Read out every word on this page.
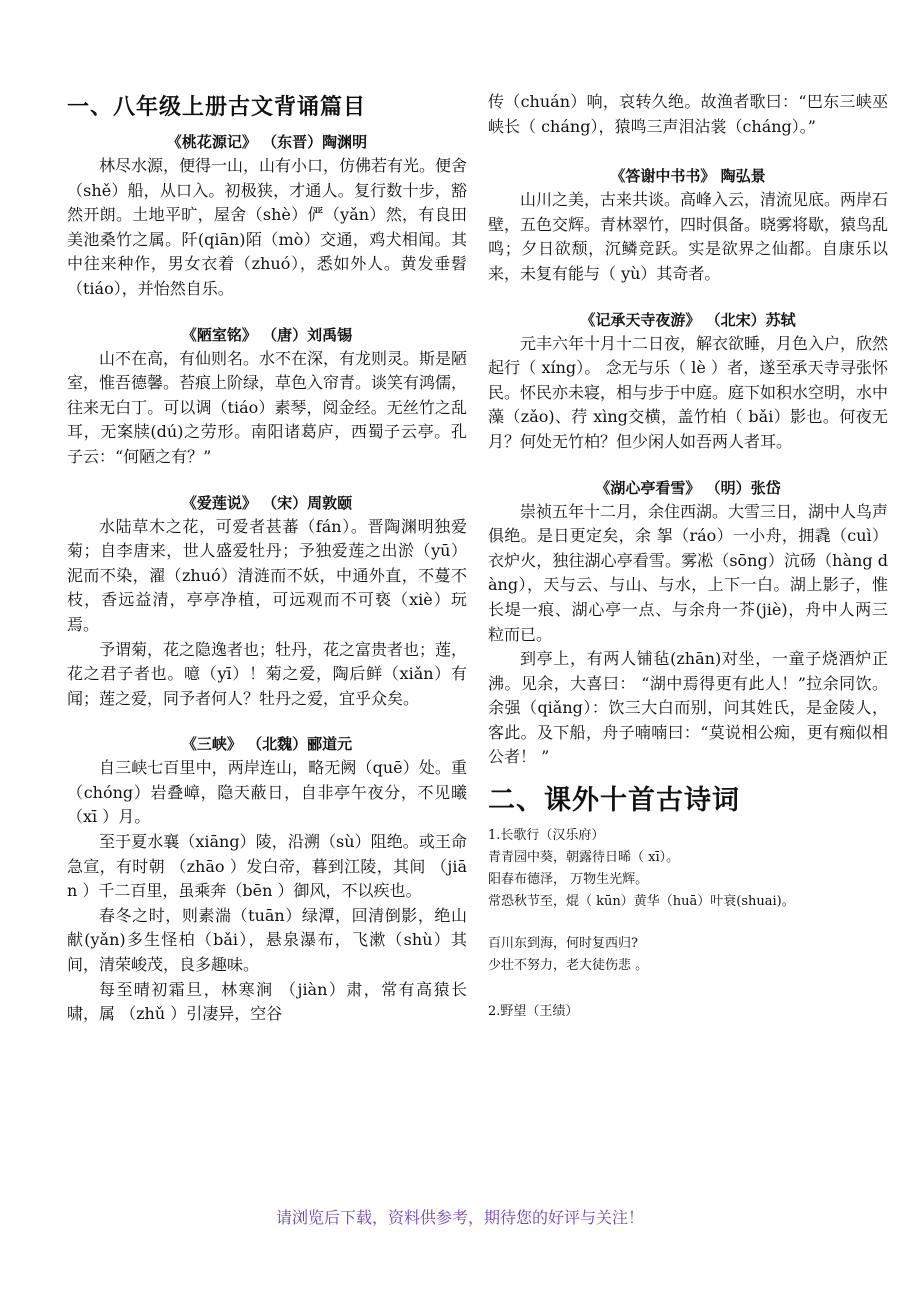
一、八年级上册古文背诵篇目
《桃花源记》 （东晋）陶渊明

林尽水源，便得一山，山有小口，仿佛若有光。便舍（shě）船，从口入。初极狭，才通人。复行数十步，豁然开朗。土地平旷，屋舍（shè）俨（yǎn）然，有良田美池桑竹之属。阡(qiān)陌（mò）交通，鸡犬相闻。其中往来种作，男女衣着（zhuó），悉如外人。黄发垂髫（tiáo），并怡然自乐。

《陋室铭》 （唐）刘禹锡

山不在高，有仙则名。水不在深，有龙则灵。斯是陋室，惟吾德馨。苔痕上阶绿，草色入帘青。谈笑有鸿儒，往来无白丁。可以调（tiáo）素琴，阅金经。无丝竹之乱耳，无案牍(dú)之劳形。南阳诸葛庐，西蜀子云亭。孔子云：“何陋之有？”

《爱莲说》 （宋）周敦颐

水陆草木之花，可爱者甚蕃（fán）。晋陶渊明独爱菊；自李唐来，世人盛爱牡丹；予独爱莲之出淤（yū）泥而不染，濯（zhuó）清涟而不妖，中通外直，不蔓不枝，香远益清，亭亭净植，可远观而不可亵（xiè）玩焉。

予谓菊，花之隐逸者也；牡丹，花之富贵者也；莲，花之君子者也。噫（yī）！菊之爱，陶后鲜（xiǎn）有闻；莲之爱，同予者何人？牡丹之爱，宜乎众矣。

《三峡》 （北魏）郦道元

自三峡七百里中，两岸连山，略无阙（quē）处。重（chóng）岩叠嶂，隐天蔽日，自非亭午夜分，不见曦 （xī ）月。

至于夏水襄（xiāng）陵，沿溯（sù）阻绝。或王命急宣，有时朝 （zhāo ）发白帝，暮到江陵，其间 （jiān ）千二百里，虽乘奔（bēn ）御风，不以疾也。

春冬之时，则素湍（tuān）绿潭，回清倒影，绝山献(yǎn)多生怪柏（bǎi），悬泉瀑布，飞漱（shù）其间，清荣峻茂，良多趣味。

每至晴初霜旦，林寒涧 （jiàn）肃，常有高猿长啸，属 （zhǔ ）引凄异，空谷

传（chuán）响，哀转久绝。故渔者歌曰：“巴东三峡巫峡长（ cháng），猿鸣三声泪沾裳（cháng）。”

《答谢中书书》 陶弘景

山川之美，古来共谈。高峰入云，清流见底。两岸石壁，五色交辉。青林翠竹，四时俱备。晓雾将歇，猿鸟乱鸣；夕日欲颓，沉鳞竞跃。实是欲界之仙都。自康乐以来，未复有能与（ yù）其奇者。

《记承天寺夜游》 （北宋）苏轼

元丰六年十月十二日夜，解衣欲睡，月色入户，欣然起行（ xíng）。 念无与乐（ lè ）者，遂至承天寺寻张怀民。怀民亦未寝，相与步于中庭。庭下如积水空明，水中藻（zǎo)、荇 xìng交横，盖竹柏（ bǎi）影也。何夜无月？何处无竹柏？但少闲人如吾两人者耳。

《湖心亭看雪》 （明）张岱

崇祯五年十二月，余住西湖。大雪三日，湖中人鸟声俱绝。是日更定矣，余 挐（ráo）一小舟，拥毳（cuì）衣炉火，独往湖心亭看雪。雾凇（sōng）沆砀（hàng dàng），天与云、与山、与水，上下一白。湖上影子，惟长堤一痕、湖心亭一点、与余舟一芥(jiè)，舟中人两三粒而已。

到亭上，有两人铺毡(zhān)对坐，一童子烧酒炉正沸。见余，大喜曰： “湖中焉得更有此人！”拉余同饮。余强（qiǎng）：饮三大白而别，问其姓氏，是金陵人，客此。及下船，舟子喃喃曰：“莫说相公痴，更有痴似相公者！ ”

二、课外十首古诗词

1.长歌行（汉乐府）

青青园中葵，朝露待日晞（ xī）。

阳春布德泽， 万物生光辉。

常恐秋节至，焜（ kūn）黄华（huā）叶衰(shuai)。

百川东到海，何时复西归?

少壮不努力，老大徒伤悲 。

2.野望（王绩）

请浏览后下载，资料供参考，期待您的好评与关注！
